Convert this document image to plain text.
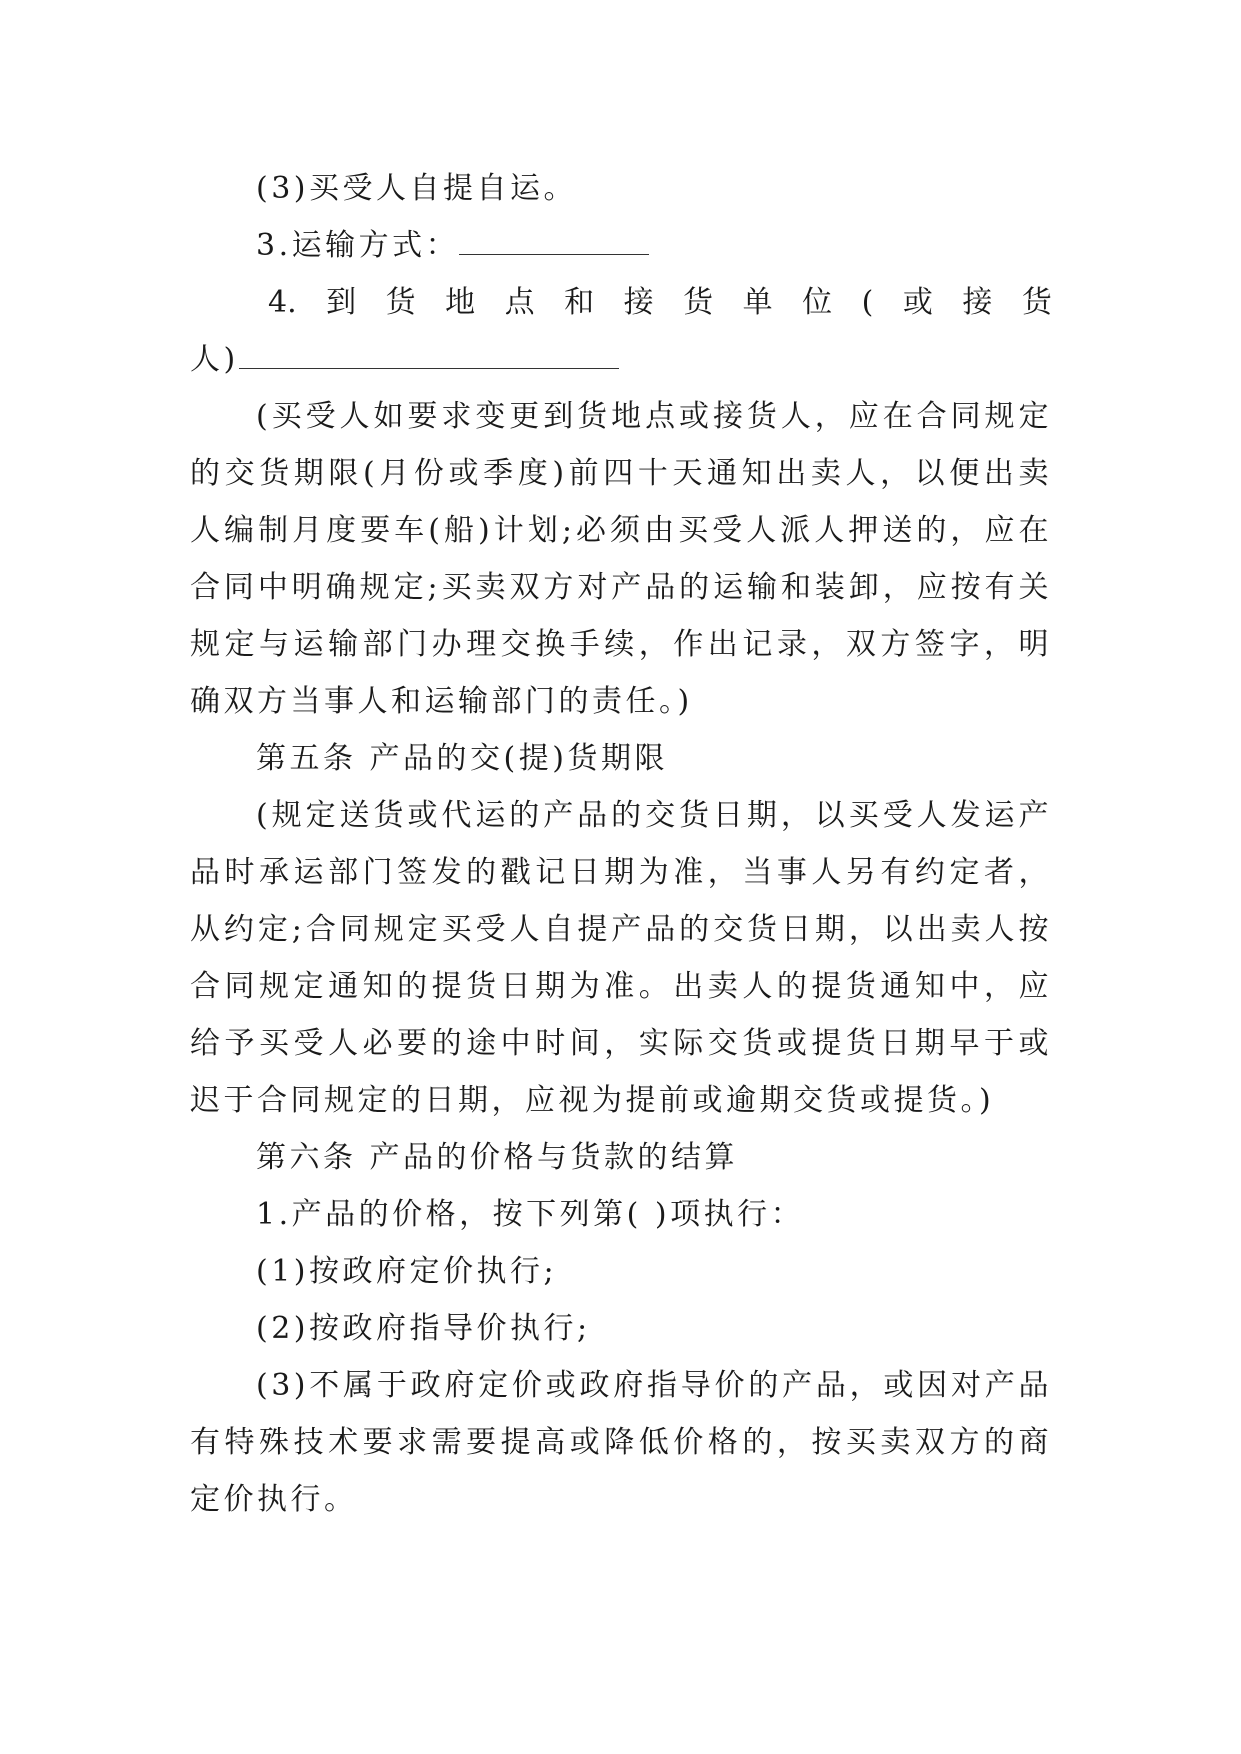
(3)买受人自提自运。
3.运输方式：
4. 到 货 地 点 和 接 货 单 位 ( 或 接 货
人)
(买受人如要求变更到货地点或接货人，应在合同规定的交货期限(月份或季度)前四十天通知出卖人，以便出卖人编制月度要车(船)计划;必须由买受人派人押送的，应在合同中明确规定;买卖双方对产品的运输和装卸，应按有关规定与运输部门办理交换手续，作出记录，双方签字，明确双方当事人和运输部门的责任。)
第五条 产品的交(提)货期限
(规定送货或代运的产品的交货日期，以买受人发运产品时承运部门签发的戳记日期为准，当事人另有约定者，从约定;合同规定买受人自提产品的交货日期，以出卖人按合同规定通知的提货日期为准。出卖人的提货通知中，应给予买受人必要的途中时间，实际交货或提货日期早于或迟于合同规定的日期，应视为提前或逾期交货或提货。)
第六条 产品的价格与货款的结算
1.产品的价格，按下列第( )项执行：
(1)按政府定价执行;
(2)按政府指导价执行;
(3)不属于政府定价或政府指导价的产品，或因对产品有特殊技术要求需要提高或降低价格的，按买卖双方的商定价执行。
